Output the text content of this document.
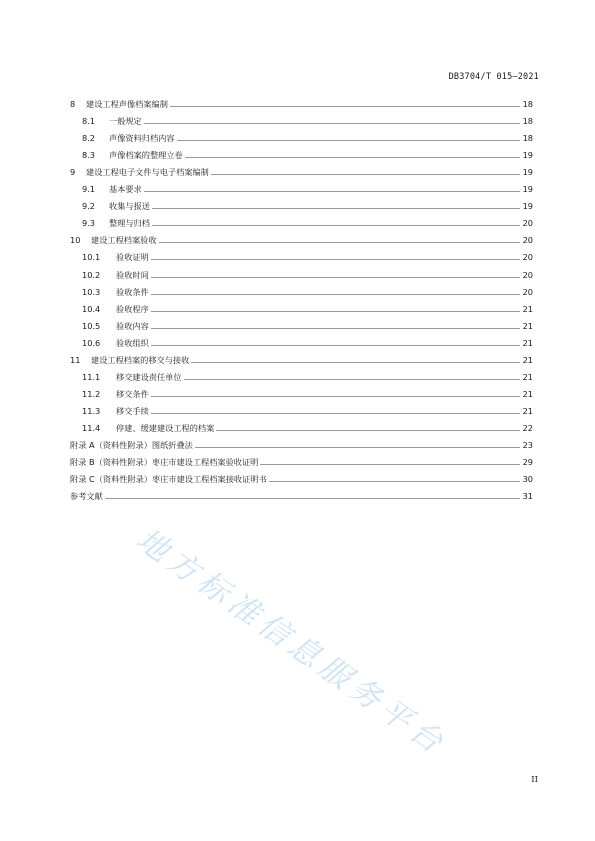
DB3704/T 015—2021
8	建设工程声像档案编制	18
8.1	一般规定	18
8.2	声像资料归档内容	18
8.3	声像档案的整理立卷	19
9	建设工程电子文件与电子档案编制	19
9.1	基本要求	19
9.2	收集与报送	19
9.3	整理与归档	20
10	建设工程档案验收	20
10.1	验收证明	20
10.2	验收时间	20
10.3	验收条件	20
10.4	验收程序	21
10.5	验收内容	21
10.6	验收组织	21
11	建设工程档案的移交与接收	21
11.1	移交建设责任单位	21
11.2	移交条件	21
11.3	移交手续	21
11.4	停建、缓建建设工程的档案	22
附录 A（资料性附录） 图纸折叠法	23
附录 B（资料性附录） 枣庄市建设工程档案验收证明	29
附录 C（资料性附录） 枣庄市建设工程档案接收证明书	30
参考文献	31
地方标准信息服务平台
II
